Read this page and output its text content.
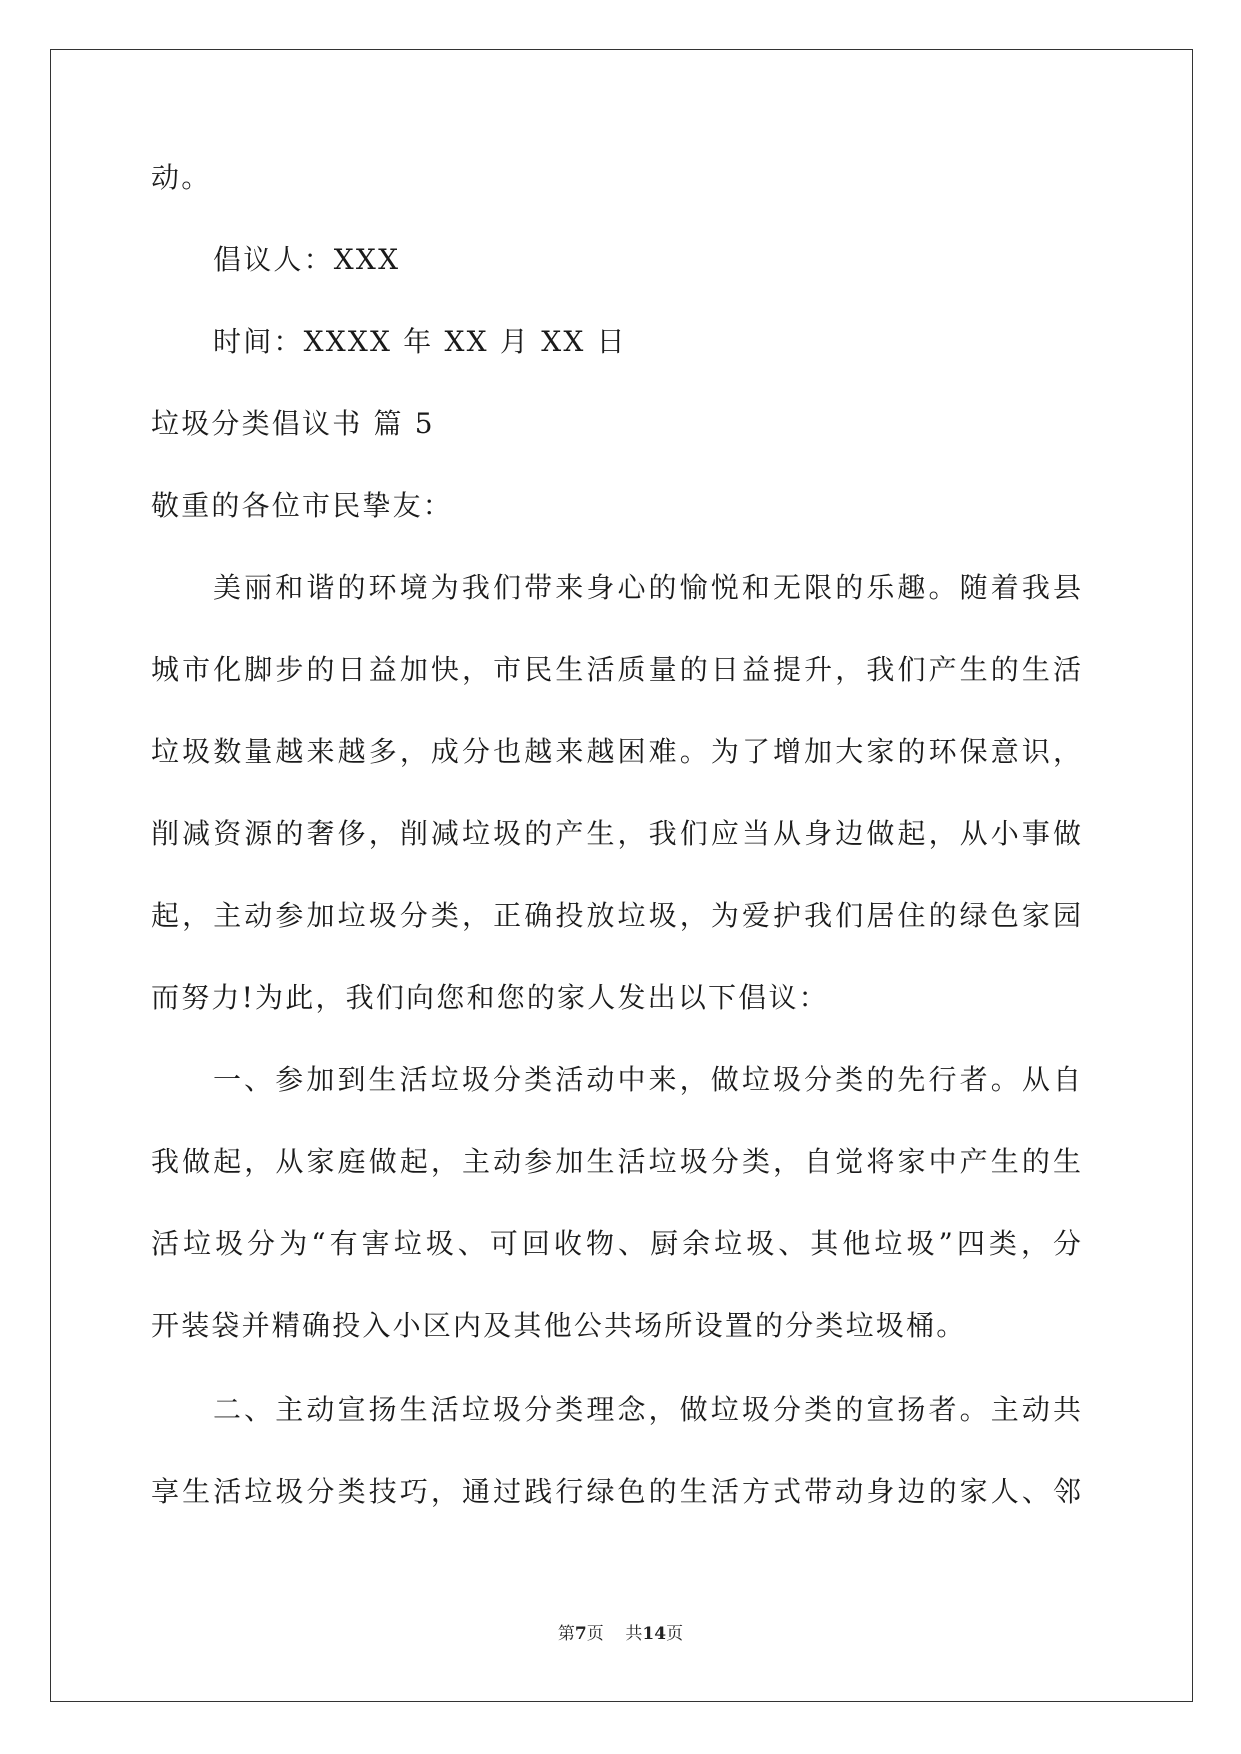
动。
倡议人：XXX
时间：XXXX 年 XX 月 XX 日
垃圾分类倡议书 篇 5
敬重的各位市民挚友：
美丽和谐的环境为我们带来身心的愉悦和无限的乐趣。随着我县
城市化脚步的日益加快，市民生活质量的日益提升，我们产生的生活
垃圾数量越来越多，成分也越来越困难。为了增加大家的环保意识，
削减资源的奢侈，削减垃圾的产生，我们应当从身边做起，从小事做
起，主动参加垃圾分类，正确投放垃圾，为爱护我们居住的绿色家园
而努力!为此，我们向您和您的家人发出以下倡议：
一、参加到生活垃圾分类活动中来，做垃圾分类的先行者。从自
我做起，从家庭做起，主动参加生活垃圾分类，自觉将家中产生的生
活垃圾分为“有害垃圾、可回收物、厨余垃圾、其他垃圾”四类，分
开装袋并精确投入小区内及其他公共场所设置的分类垃圾桶。
二、主动宣扬生活垃圾分类理念，做垃圾分类的宣扬者。主动共
享生活垃圾分类技巧，通过践行绿色的生活方式带动身边的家人、邻
第7页 共14页
